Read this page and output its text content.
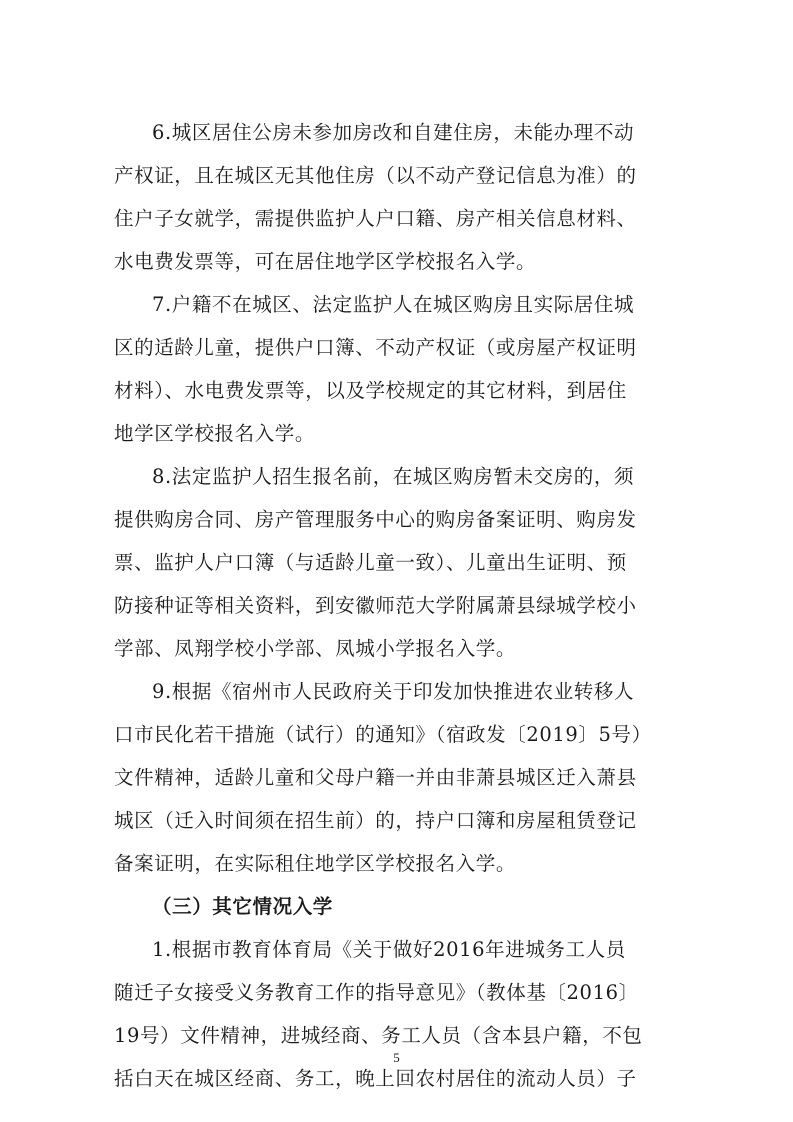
6.城区居住公房未参加房改和自建住房，未能办理不动
产权证，且在城区无其他住房（以不动产登记信息为准）的
住户子女就学，需提供监护人户口籍、房产相关信息材料、
水电费发票等，可在居住地学区学校报名入学。
7.户籍不在城区、法定监护人在城区购房且实际居住城
区的适龄儿童，提供户口簿、不动产权证（或房屋产权证明
材料）、水电费发票等，以及学校规定的其它材料，到居住
地学区学校报名入学。
8.法定监护人招生报名前，在城区购房暂未交房的，须
提供购房合同、房产管理服务中心的购房备案证明、购房发
票、监护人户口簿（与适龄儿童一致）、儿童出生证明、预
防接种证等相关资料，到安徽师范大学附属萧县绿城学校小
学部、凤翔学校小学部、凤城小学报名入学。
9.根据《宿州市人民政府关于印发加快推进农业转移人
口市民化若干措施（试行）的通知》（宿政发〔2019〕5号）
文件精神，适龄儿童和父母户籍一并由非萧县城区迁入萧县
城区（迁入时间须在招生前）的，持户口簿和房屋租赁登记
备案证明，在实际租住地学区学校报名入学。
（三）其它情况入学
1.根据市教育体育局《关于做好2016年进城务工人员
随迁子女接受义务教育工作的指导意见》（教体基〔2016〕
19号）文件精神，进城经商、务工人员（含本县户籍，不包
括白天在城区经商、务工，晚上回农村居住的流动人员）子
5
